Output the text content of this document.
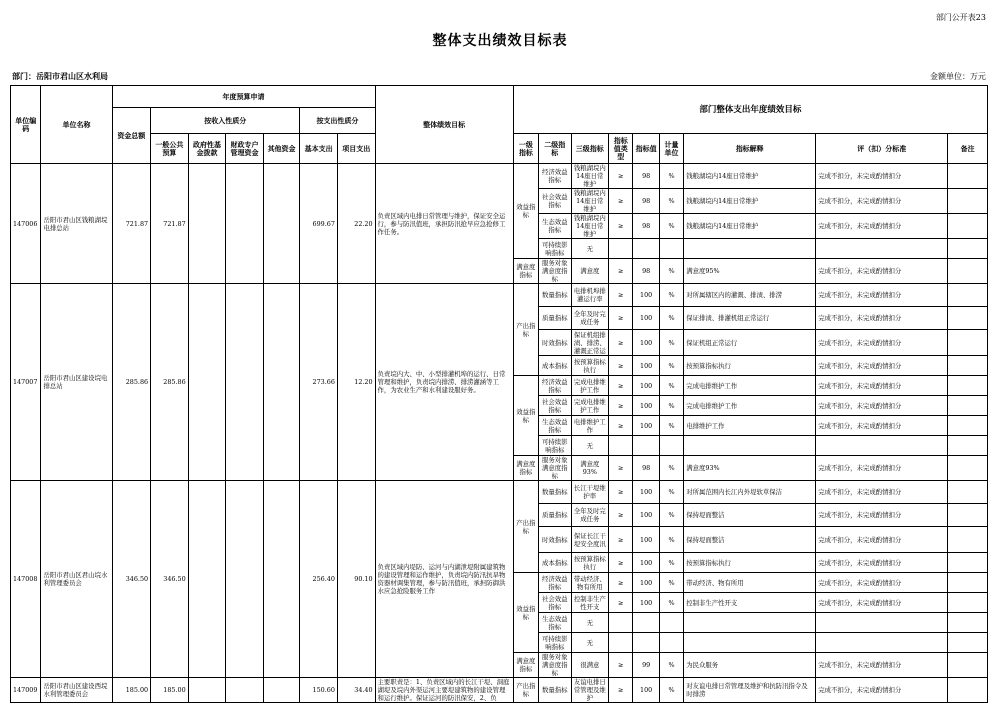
部门公开表23
整体支出绩效目标表
部门：岳阳市君山区水利局	金额单位：万元
单位编码	单位名称	年度预算申请							整体绩效目标	部门整体支出年度绩效目标								
		资金总额	按收入性质分				按支出性质分											
			一般公共预算	政府性基金拨款	财政专户管理资金	其他资金	基本支出	项目支出		一级指标	二级指标	三级指标	指标值类型	指标值	计量单位	指标解释	评（扣）分标准	备注
147006	岳阳市君山区钱粮湖垸电排总站	721.87	721.87				699.67	22.20	负责区域内电排日常管理与维护，保证安全运行，参与防汛值班，承担防汛抢早应急抢修工作任务。	效益指标	经济效益指标	钱粮湖垸内14座日常维护	≥	98	%	钱粮湖垸内14座日常维护	完成不扣分，未完成酌情扣分	
											社会效益指标	钱粮湖垸内14座日常维护	≥	98	%	钱粮湖垸内14座日常维护	完成不扣分，未完成酌情扣分	
											生态效益指标	钱粮湖垸内14座日常维护	≥	98	%	钱粮湖垸内14座日常维护	完成不扣分，未完成酌情扣分	
											可持续影响指标	无						

										满意度指标	服务对象满意度指标	满意度	≥	98	%	满意度95%	完成不扣分，未完成酌情扣分	
147007	岳阳市君山区建设垸电排总站	285.86	285.86				273.66	12.20	负责垸内大、中、小型排灌机埠的运行、日常管理和维护，负责垸内排涝、排涝灌涵等工作，为农业生产和水利建设服好务。	产出指标	数量指标	电排机埠排灌运行率	≥	100	%	对所属辖区内的灌溉、排渍、排涝	完成不扣分，未完成酌情扣分	
											质量指标	全年及时完成任务	≥	100	%	保证排渍、排灌机组正常运行	完成不扣分，未完成酌情扣分	
											时效指标	保证机组排渍、排涝、灌溉正常运	≥	100	%	保证机组正常运行	完成不扣分，未完成酌情扣分	
											成本指标	按预算指标执行	≥	100	%	按预算指标执行	完成不扣分，未完成酌情扣分	
										效益指标	经济效益指标	完成电排维护工作	≥	100	%	完成电排维护工作	完成不扣分，未完成酌情扣分	
											社会效益指标	完成电排维护工作	≥	100	%	完成电排维护工作	完成不扣分，未完成酌情扣分	
											生态效益指标	电排维护工作	≥	100	%	电排维护工作	完成不扣分，未完成酌情扣分	
											可持续影响指标	无						

										满意度指标	服务对象满意度指标	满意度93%	≥	98	%	满意度93%	完成不扣分，未完成酌情扣分	
147008	岳阳市君山区君山垸水利管理委员会	346.50	346.50				256.40	90.10	负责区域内堤防、运河与内湖泄堤附属建筑物的建设管理和运作维护，负责垸内防汛抗旱物资器材调集管理，参与防汛值班，承担防御洪水应急抢险服务工作	产出指标	数量指标	长江干堤维护率	≥	100	%	对所属范围内长江内外堤软草保洁	完成不扣分，未完成酌情扣分	
											质量指标	全年及时完成任务	≥	100	%	保持堤面整洁	完成不扣分，未完成酌情扣分	
											时效指标	保证长江干堤安全度汛	≥	100	%	保持堤面整洁	完成不扣分，未完成酌情扣分	
											成本指标	按预算指标执行	≥	100	%	按预算指标执行	完成不扣分，未完成酌情扣分	
										效益指标	经济效益指标	带动经济、物有所用	≥	100	%	带动经济、物有所用	完成不扣分，未完成酌情扣分	
											社会效益指标	控制非生产性开支	≥	100	%	控制非生产性开支	完成不扣分，未完成酌情扣分	
											生态效益指标	无						

											可持续影响指标	无						

										满意度指标	服务对象满意度指标	很满意	≥	99	%	为民众服务	完成不扣分，未完成酌情扣分	
147009	岳阳市君山区建设西垸水利管理委员会	185.00	185.00				150.60	34.40	主要职责是：1、负责区域内的长江干堤、洞庭湖堤及垸内外渠运河主要堤建筑物的建设管理和运行维护。保证运河的防汛保安，2、负	产出指标	数量指标	友谊电排日常管理及维护	≥	100	%	对友谊电排日常管理及维护和抗防汛指令及时排涝	完成不扣分，未完成酌情扣分	
